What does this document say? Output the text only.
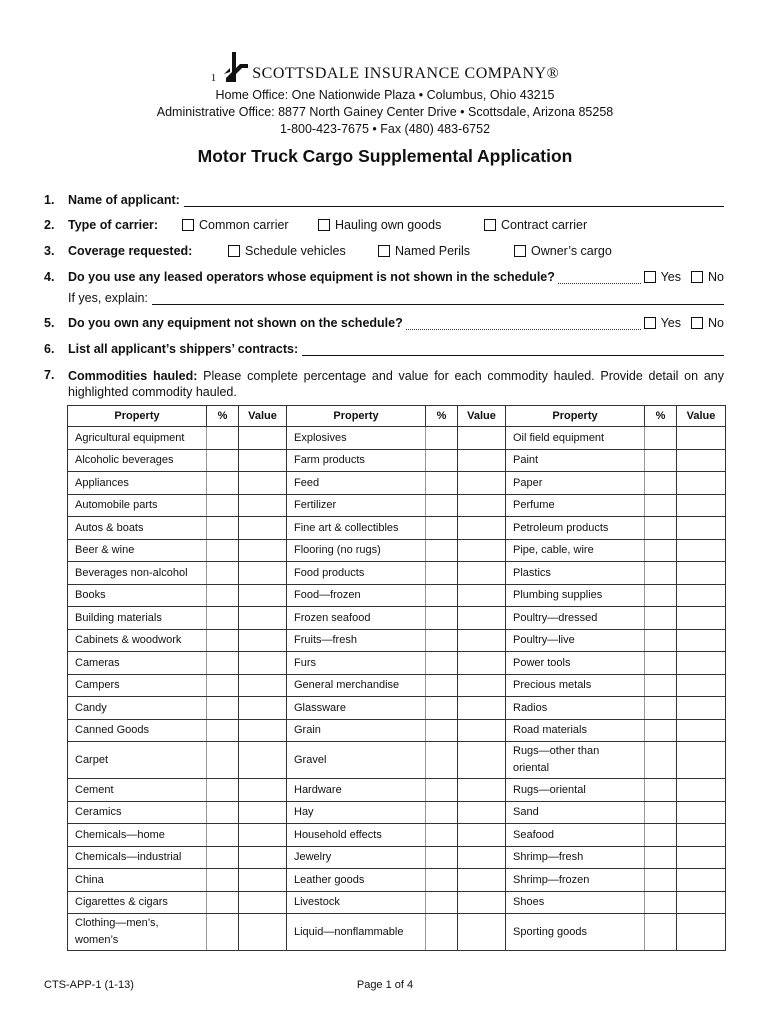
1 SCOTTSDALE INSURANCE COMPANY®
Home Office: One Nationwide Plaza • Columbus, Ohio 43215
Administrative Office: 8877 North Gainey Center Drive • Scottsdale, Arizona 85258
1-800-423-7675 • Fax (480) 483-6752
Motor Truck Cargo Supplemental Application
1.	Name of applicant:
2.	Type of carrier:	Common carrier	Hauling own goods	Contract carrier
3.	Coverage requested:	Schedule vehicles	Named Perils	Owner’s cargo
4.	Do you use any leased operators whose equipment is not shown in the schedule?	Yes No
If yes, explain:
5.	Do you own any equipment not shown on the schedule?	Yes No
6.	List all applicant’s shippers’ contracts:
7.	Commodities hauled: Please complete percentage and value for each commodity hauled. Provide detail on any highlighted commodity hauled.
Property	%	Value	Property	%	Value	Property	%	Value
Agricultural equipment			Explosives			Oil field equipment		
Alcoholic beverages			Farm products			Paint		
Appliances			Feed			Paper		
Automobile parts			Fertilizer			Perfume		
Autos & boats			Fine art & collectibles			Petroleum products		
Beer & wine			Flooring (no rugs)			Pipe, cable, wire		
Beverages non-alcohol			Food products			Plastics		
Books			Food—frozen			Plumbing supplies		
Building materials			Frozen seafood			Poultry—dressed		
Cabinets & woodwork			Fruits—fresh			Poultry—live		
Cameras			Furs			Power tools		
Campers			General merchandise			Precious metals		
Candy			Glassware			Radios		
Canned Goods			Grain			Road materials		
Carpet			Gravel			Rugs—other than oriental		
Cement			Hardware			Rugs—oriental		
Ceramics			Hay			Sand		
Chemicals—home			Household effects			Seafood		
Chemicals—industrial			Jewelry			Shrimp—fresh		
China			Leather goods			Shrimp—frozen		
Cigarettes & cigars			Livestock			Shoes		
Clothing—men’s, women’s			Liquid—nonflammable			Sporting goods		
CTS-APP-1 (1-13)	Page 1 of 4
